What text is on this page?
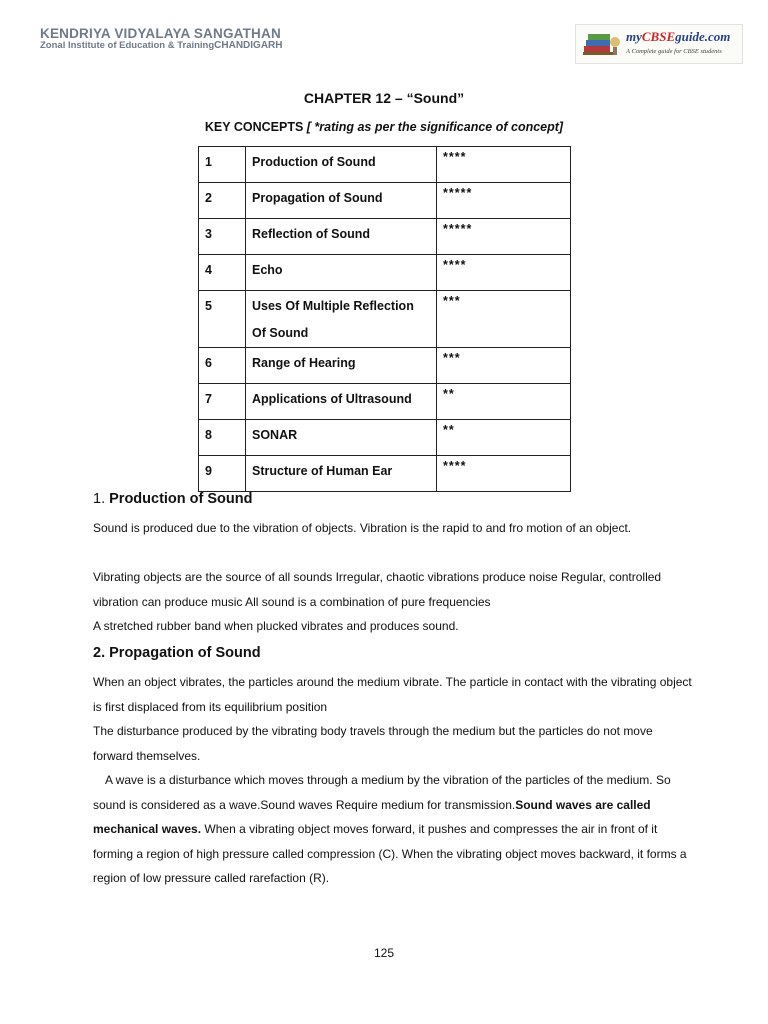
KENDRIYA VIDYALAYA SANGATHAN
Zonal Institute of Education & TrainingCHANDIGARH
myCBSEguide.com
A Complete guide for CBSE students
CHAPTER 12 – “Sound”
KEY CONCEPTS [ *rating as per the significance of concept]
1	Production of Sound	****
2	Propagation of Sound	*****
3	Reflection of Sound	*****
4	Echo	****
5	Uses Of Multiple Reflection Of Sound	***
6	Range of Hearing	***
7	Applications of Ultrasound	**
8	SONAR	**
9	Structure of Human Ear	****
1. Production of Sound

Sound is produced due to the vibration of objects. Vibration is the rapid to and fro motion of an object.

Vibrating objects are the source of all sounds Irregular, chaotic vibrations produce noise Regular, controlled vibration can produce music All sound is a combination of pure frequencies

A stretched rubber band when plucked vibrates and produces sound.

2. Propagation of Sound

When an object vibrates, the particles around the medium vibrate. The particle in contact with the vibrating object is first displaced from its equilibrium position

The disturbance produced by the vibrating body travels through the medium but the particles do not move forward themselves.

A wave is a disturbance which moves through a medium by the vibration of the particles of the medium. So sound is considered as a wave.Sound waves Require medium for transmission.Sound waves are called mechanical waves. When a vibrating object moves forward, it pushes and compresses the air in front of it forming a region of high pressure called compression (C). When the vibrating object moves backward, it forms a region of low pressure called rarefaction (R).

125
